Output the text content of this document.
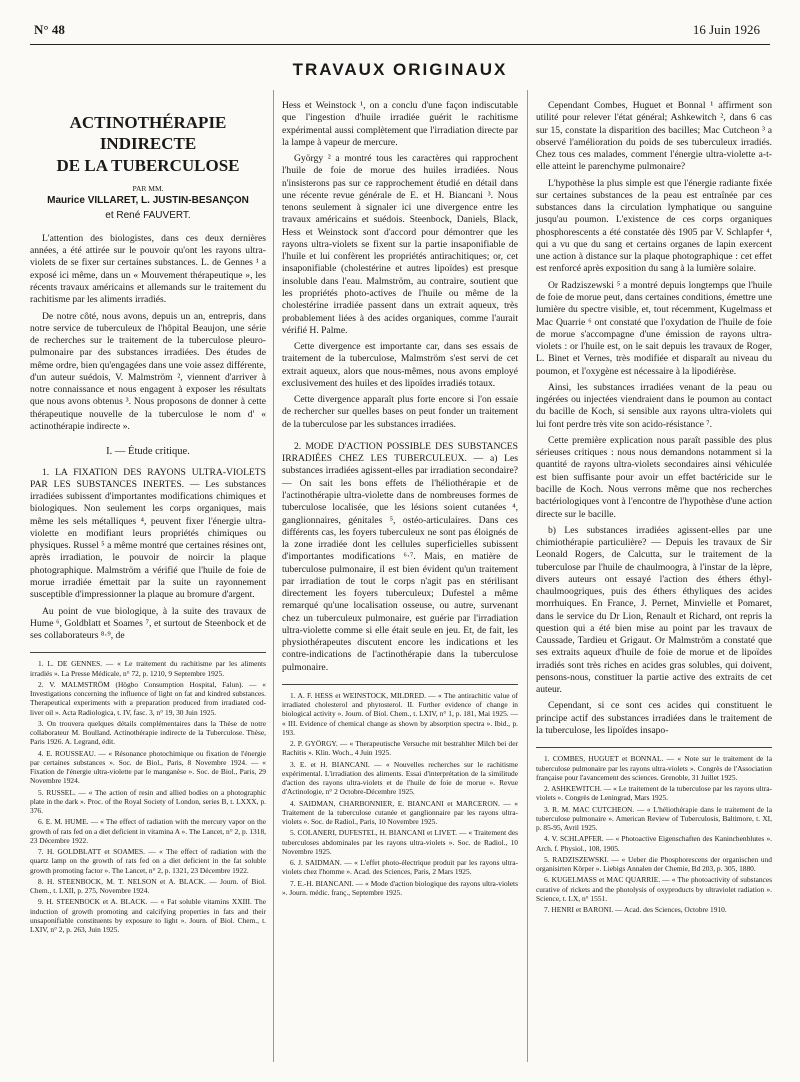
N° 48	16 Juin 1926
TRAVAUX ORIGINAUX

ACTINOTHÉRAPIE INDIRECTE
DE LA TUBERCULOSE

PAR MM.

Maurice VILLARET, L. JUSTIN-BESANÇON

et René FAUVERT.

L'attention des biologistes, dans ces deux dernières années, a été attirée sur le pouvoir qu'ont les rayons ultra-violets de se fixer sur certaines substances. L. de Gennes ¹ a exposé ici même, dans un « Mouvement thérapeutique », les récents travaux américains et allemands sur le traitement du rachitisme par les aliments irradiés.

De notre côté, nous avons, depuis un an, entrepris, dans notre service de tuberculeux de l'hôpital Beaujon, une série de recherches sur le traitement de la tuberculose pleuro-pulmonaire par des substances irradiées. Des études de même ordre, bien qu'engagées dans une voie assez différente, d'un auteur suédois, V. Malmström ², viennent d'arriver à notre connaissance et nous engagent à exposer les résultats que nous avons obtenus ³. Nous proposons de donner à cette thérapeutique nouvelle de la tuberculose le nom d' « actinothérapie indirecte ».

I. — Étude critique.

1. LA FIXATION DES RAYONS ULTRA-VIOLETS PAR LES SUBSTANCES INERTES. — Les substances irradiées subissent d'importantes modifications chimiques et biologiques. Non seulement les corps organiques, mais même les sels métalliques ⁴, peuvent fixer l'énergie ultra-violette en modifiant leurs propriétés chimiques ou physiques. Russel ⁵ a même montré que certaines résines ont, après irradiation, le pouvoir de noircir la plaque photographique. Malmström a vérifié que l'huile de foie de morue irradiée émettait par la suite un rayonnement susceptible d'impressionner la plaque au bromure d'argent.

Au point de vue biologique, à la suite des travaux de Hume ⁶, Goldblatt et Soames ⁷, et surtout de Steenbock et de ses collaborateurs ⁸·⁹, de

1. L. DE GENNES. — « Le traitement du rachitisme par les aliments irradiés ». La Presse Médicale, n° 72, p. 1210, 9 Septembre 1925.

2. V. MALMSTRÖM (Högbo Consumption Hospital, Falun). — « Investigations concerning the influence of light on fat and kindred substances. Therapeutical experiments with a preparation produced from irradiated cod-liver oil ». Acta Radiologica, t. IV, fasc. 3, n° 19, 30 Juin 1925.

3. On trouvera quelques détails complémentaires dans la Thèse de notre collaborateur M. Boulland. Actinothérapie indirecte de la Tuberculose. Thèse, Paris 1926. A. Legrand, édit.

4. E. ROUSSEAU. — « Résonance photochimique ou fixation de l'énergie par certaines substances ». Soc. de Biol., Paris, 8 Novembre 1924. — « Fixation de l'énergie ultra-violette par le manganèse ». Soc. de Biol., Paris, 29 Novembre 1924.

5. RUSSEL. — « The action of resin and allied bodies on a photographic plate in the dark ». Proc. of the Royal Society of London, series B, t. LXXX, p. 376.

6. E. M. HUME. — « The effect of radiation with the mercury vapor on the growth of rats fed on a diet deficient in vitamina A ». The Lancet, n° 2, p. 1318, 23 Décembre 1922.

7. H. GOLDBLATT et SOAMES. — « The effect of radiation with the quartz lamp on the growth of rats fed on a diet deficient in the fat soluble growth promoting factor ». The Lancet, n° 2, p. 1321, 23 Décembre 1922.

8. H. STEENBOCK, M. T. NELSON et A. BLACK. — Journ. of Biol. Chem., t. LXII, p. 275, Novembre 1924.

9. H. STEENBOCK et A. BLACK. — « Fat soluble vitamins XXIII. The induction of growth promoting and calcifying properties in fats and their unsaponifiable constituents by exposure to light ». Journ. of Biol. Chem., t. LXIV, n° 2, p. 263, Juin 1925.

Hess et Weinstock ¹, on a conclu d'une façon indiscutable que l'ingestion d'huile irradiée guérit le rachitisme expérimental aussi complètement que l'irradiation directe par la lampe à vapeur de mercure.

György ² a montré tous les caractères qui rapprochent l'huile de foie de morue des huiles irradiées. Nous n'insisterons pas sur ce rapprochement étudié en détail dans une récente revue générale de E. et H. Biancani ³. Nous tenons seulement à signaler ici une divergence entre les travaux américains et suédois. Steenbock, Daniels, Black, Hess et Weinstock sont d'accord pour démontrer que les rayons ultra-violets se fixent sur la partie insaponifiable de l'huile et lui confèrent les propriétés antirachitiques; or, cet insaponifiable (cholestérine et autres lipoïdes) est presque insoluble dans l'eau. Malmström, au contraire, soutient que les propriétés photo-actives de l'huile ou même de la cholestérine irradiée passent dans un extrait aqueux, très probablement liées à des acides organiques, comme l'aurait vérifié H. Palme.

Cette divergence est importante car, dans ses essais de traitement de la tuberculose, Malmström s'est servi de cet extrait aqueux, alors que nous-mêmes, nous avons employé exclusivement des huiles et des lipoïdes irradiés totaux.

Cette divergence apparaît plus forte encore si l'on essaie de rechercher sur quelles bases on peut fonder un traitement de la tuberculose par les substances irradiées.

2. MODE D'ACTION POSSIBLE DES SUBSTANCES IRRADIÉES CHEZ LES TUBERCULEUX. — a) Les substances irradiées agissent-elles par irradiation secondaire? — On sait les bons effets de l'héliothérapie et de l'actinothérapie ultra-violette dans de nombreuses formes de tuberculose localisée, que les lésions soient cutanées ⁴, ganglionnaires, génitales ⁵, ostéo-articulaires. Dans ces différents cas, les foyers tuberculeux ne sont pas éloignés de la zone irradiée dont les cellules superficielles subissent d'importantes modifications ⁶·⁷. Mais, en matière de tuberculose pulmonaire, il est bien évident qu'un traitement par irradiation de tout le corps n'agit pas en stérilisant directement les foyers tuberculeux; Dufestel a même remarqué qu'une localisation osseuse, ou autre, survenant chez un tuberculeux pulmonaire, est guérie par l'irradiation ultra-violette comme si elle était seule en jeu. Et, de fait, les physiothérapeutes discutent encore les indications et les contre-indications de l'actinothérapie dans la tuberculose pulmonaire.

1. A. F. HESS et WEINSTOCK, MILDRED. — « The antirachitic value of irradiated cholesterol and phytosterol. II. Further evidence of change in biological activity ». Journ. of Biol. Chem., t. LXIV, n° 1, p. 181, Mai 1925. — « III. Evidence of chemical change as shown by absorption spectra ». Ibid., p. 193.

2. P. GYÖRGY. — « Therapeutische Versuche mit bestrahlter Milch bei der Rachitis ». Klin. Woch., 4 Juin 1925.

3. E. et H. BIANCANI. — « Nouvelles recherches sur le rachitisme expérimental. L'irradiation des aliments. Essai d'interprétation de la similitude d'action des rayons ultra-violets et de l'huile de foie de morue ». Revue d'Actinologie, n° 2 Octobre-Décembre 1925.

4. SAIDMAN, CHARBONNIER, E. BIANCANI et MARCERON. — « Traitement de la tuberculose cutanée et ganglionnaire par les rayons ultra-violets ». Soc. de Radiol., Paris, 10 Novembre 1925.

5. COLANERI, DUFESTEL, H. BIANCANI et LIVET. — « Traitement des tuberculoses abdominales par les rayons ultra-violets ». Soc. de Radiol., 10 Novembre 1925.

6. J. SAIDMAN. — « L'effet photo-électrique produit par les rayons ultra-violets chez l'homme ». Acad. des Sciences, Paris, 2 Mars 1925.

7. E.-H. BIANCANI. — « Mode d'action biologique des rayons ultra-violets ». Journ. médic. franç., Septembre 1925.

Cependant Combes, Huguet et Bonnal ¹ affirment son utilité pour relever l'état général; Ashkewitch ², dans 6 cas sur 15, constate la disparition des bacilles; Mac Cutcheon ³ a observé l'amélioration du poids de ses tuberculeux irradiés. Chez tous ces malades, comment l'énergie ultra-violette a-t-elle atteint le parenchyme pulmonaire?

L'hypothèse la plus simple est que l'énergie radiante fixée sur certaines substances de la peau est entraînée par ces substances dans la circulation lymphatique ou sanguine jusqu'au poumon. L'existence de ces corps organiques phosphorescents a été constatée dès 1905 par V. Schlapfer ⁴, qui a vu que du sang et certains organes de lapin exercent une action à distance sur la plaque photographique : cet effet est renforcé après exposition du sang à la lumière solaire.

Or Radziszewski ⁵ a montré depuis longtemps que l'huile de foie de morue peut, dans certaines conditions, émettre une lumière du spectre visible, et, tout récemment, Kugelmass et Mac Quarrie ⁶ ont constaté que l'oxydation de l'huile de foie de morue s'accompagne d'une émission de rayons ultra-violets : or l'huile est, on le sait depuis les travaux de Roger, L. Binet et Vernes, très modifiée et disparaît au niveau du poumon, et l'oxygène est nécessaire à la lipodiérèse.

Ainsi, les substances irradiées venant de la peau ou ingérées ou injectées viendraient dans le poumon au contact du bacille de Koch, si sensible aux rayons ultra-violets qui lui font perdre très vite son acido-résistance ⁷.

Cette première explication nous paraît passible des plus sérieuses critiques : nous nous demandons notamment si la quantité de rayons ultra-violets secondaires ainsi véhiculée est bien suffisante pour avoir un effet bactéricide sur le bacille de Koch. Nous verrons même que nos recherches bactériologiques vont à l'encontre de l'hypothèse d'une action directe sur le bacille.

b) Les substances irradiées agissent-elles par une chimiothérapie particulière? — Depuis les travaux de Sir Leonald Rogers, de Calcutta, sur le traitement de la tuberculose par l'huile de chaulmoogra, à l'instar de la lèpre, divers auteurs ont essayé l'action des éthers éthyl-chaulmoogriques, puis des éthers éthyliques des acides morrhuiques. En France, J. Pernet, Minvielle et Pomaret, dans le service du Dr Lion, Renault et Richard, ont repris la question qui a été bien mise au point par les travaux de Caussade, Tardieu et Grigaut. Or Malmström a constaté que ses extraits aqueux d'huile de foie de morue et de lipoïdes irradiés sont très riches en acides gras solubles, qui doivent, pensons-nous, constituer la partie active des extraits de cet auteur.

Cependant, si ce sont ces acides qui constituent le principe actif des substances irradiées dans le traitement de la tuberculose, les lipoïdes insapo-

1. COMBES, HUGUET et BONNAL. — « Note sur le traitement de la tuberculose pulmonaire par les rayons ultra-violets ». Congrès de l'Association française pour l'avancement des sciences. Grenoble, 31 Juillet 1925.

2. ASHKEWITCH. — « Le traitement de la tuberculose par les rayons ultra-violets ». Congrès de Leningrad, Mars 1925.

3. R. M. MAC CUTCHEON. — « L'héliothérapie dans le traitement de la tuberculose pulmonaire ». American Review of Tuberculosis, Baltimore, t. XI, p. 85-95, Avril 1925.

4. V. SCHLAPFER. — « Photoactive Eigenschaften des Kaninchenblutes ». Arch. f. Physiol., 108, 1905.

5. RADZISZEWSKI. — « Ueber die Phosphorescens der organischen und organisirten Körper ». Liebigs Annalen der Chemie, Bd 203, p. 305, 1880.

6. KUGELMASS et MAC QUARRIE. — « The photoactivity of substances curative of rickets and the photolysis of oxyproducts by ultraviolet radiation ». Science, t. LX, n° 1551.

7. HENRI et BARONI. — Acad. des Sciences, Octobre 1910.
